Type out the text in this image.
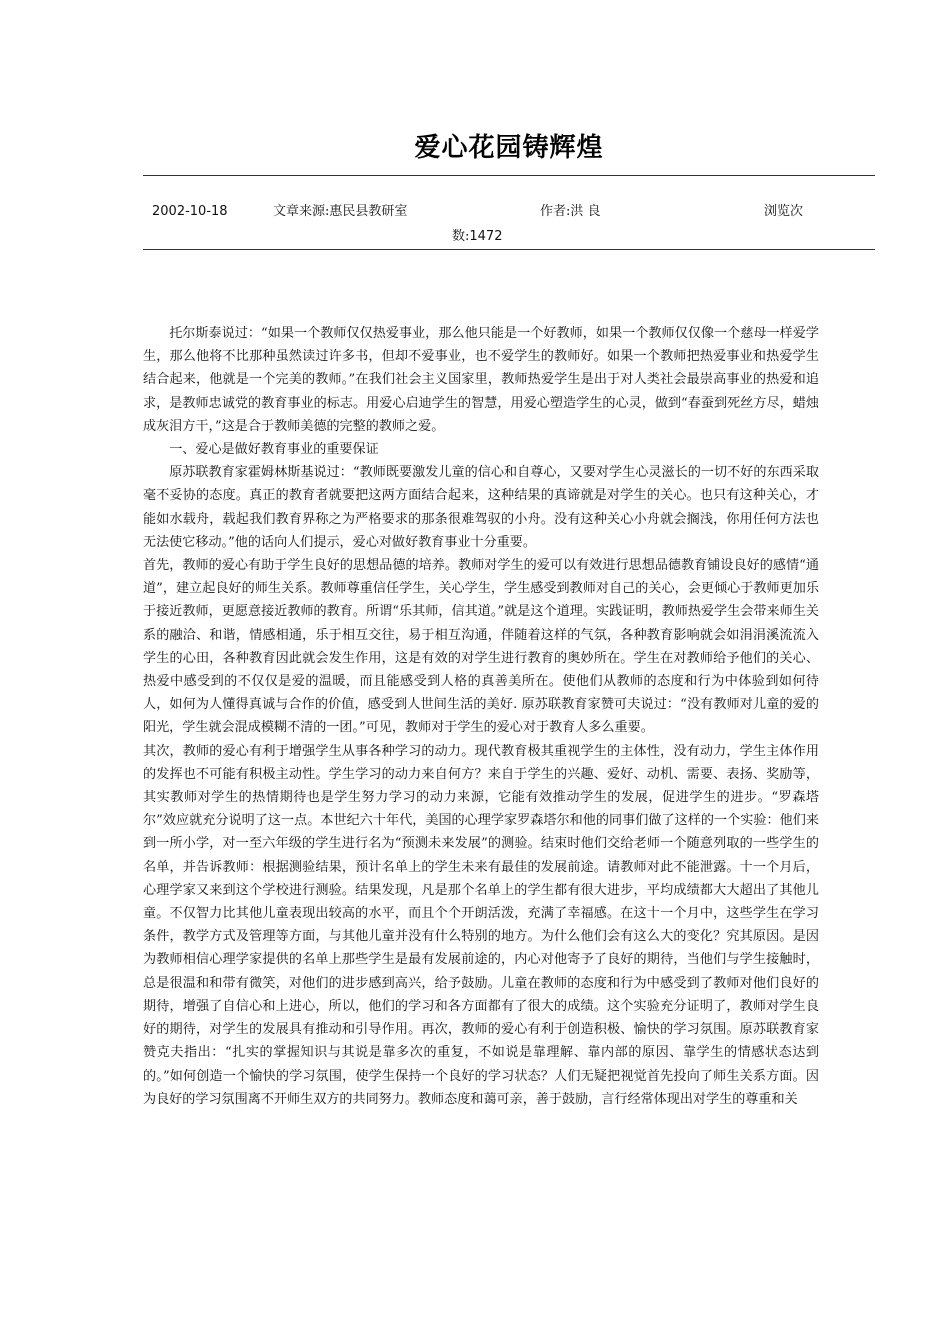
爱心花园铸辉煌
2002-10-18	文章来源:惠民县教研室	作者:洪 良	浏览次
数:1472

托尔斯泰说过：“如果一个教师仅仅热爱事业，那么他只能是一个好教师，如果一个教师仅仅像一个慈母一样爱学生，那么他将不比那种虽然读过许多书，但却不爱事业，也不爱学生的教师好。如果一个教师把热爱事业和热爱学生结合起来，他就是一个完美的教师。”在我们社会主义国家里，教师热爱学生是出于对人类社会最崇高事业的热爱和追求，是教师忠诚党的教育事业的标志。用爱心启迪学生的智慧，用爱心塑造学生的心灵，做到“春蚕到死丝方尽，蜡烛成灰泪方干，”这是合于教师美德的完整的教师之爱。

一、爱心是做好教育事业的重要保证

原苏联教育家霍姆林斯基说过：“教师既要激发儿童的信心和自尊心，又要对学生心灵滋长的一切不好的东西采取毫不妥协的态度。真正的教育者就要把这两方面结合起来，这种结果的真谛就是对学生的关心。也只有这种关心，才能如水载舟，载起我们教育界称之为严格要求的那条很难驾驭的小舟。没有这种关心小舟就会搁浅，你用任何方法也无法使它移动。”他的话向人们提示，爱心对做好教育事业十分重要。

首先，教师的爱心有助于学生良好的思想品德的培养。教师对学生的爱可以有效进行思想品德教育铺设良好的感情“通道”，建立起良好的师生关系。教师尊重信任学生，关心学生，学生感受到教师对自己的关心，会更倾心于教师更加乐于接近教师，更愿意接近教师的教育。所谓“乐其师，信其道。”就是这个道理。实践证明，教师热爱学生会带来师生关系的融洽、和谐，情感相通，乐于相互交往，易于相互沟通，伴随着这样的气氛，各种教育影响就会如涓涓溪流流入学生的心田，各种教育因此就会发生作用，这是有效的对学生进行教育的奥妙所在。学生在对教师给予他们的关心、热爱中感受到的不仅仅是爱的温暖，而且能感受到人格的真善美所在。使他们从教师的态度和行为中体验到如何待人，如何为人懂得真诚与合作的价值，感受到人世间生活的美好. 原苏联教育家赞可夫说过：“没有教师对儿童的爱的阳光，学生就会混成模糊不清的一团。”可见，教师对于学生的爱心对于教育人多么重要。

其次，教师的爱心有利于增强学生从事各种学习的动力。现代教育极其重视学生的主体性，没有动力，学生主体作用的发挥也不可能有积极主动性。学生学习的动力来自何方？来自于学生的兴趣、爱好、动机、需要、表扬、奖励等，其实教师对学生的热情期待也是学生努力学习的动力来源，它能有效推动学生的发展，促进学生的进步。“罗森塔尔”效应就充分说明了这一点。本世纪六十年代，美国的心理学家罗森塔尔和他的同事们做了这样的一个实验：他们来到一所小学，对一至六年级的学生进行名为“预测未来发展”的测验。结束时他们交给老师一个随意列取的一些学生的名单，并告诉教师：根据测验结果，预计名单上的学生未来有最佳的发展前途。请教师对此不能泄露。十一个月后，心理学家又来到这个学校进行测验。结果发现，凡是那个名单上的学生都有很大进步，平均成绩都大大超出了其他儿童。不仅智力比其他儿童表现出较高的水平，而且个个开朗活泼，充满了幸福感。在这十一个月中，这些学生在学习条件，教学方式及管理等方面，与其他儿童并没有什么特别的地方。为什么他们会有这么大的变化？究其原因。是因为教师相信心理学家提供的名单上那些学生是最有发展前途的，内心对他寄予了良好的期待，当他们与学生接触时，总是很温和和带有微笑，对他们的进步感到高兴，给予鼓励。儿童在教师的态度和行为中感受到了教师对他们良好的期待，增强了自信心和上进心，所以，他们的学习和各方面都有了很大的成绩。这个实验充分证明了，教师对学生良好的期待，对学生的发展具有推动和引导作用。再次，教师的爱心有利于创造积极、愉快的学习氛围。原苏联教育家赞克夫指出：“扎实的掌握知识与其说是靠多次的重复，不如说是靠理解、靠内部的原因、靠学生的情感状态达到的。”如何创造一个愉快的学习氛围，使学生保持一个良好的学习状态？人们无疑把视觉首先投向了师生关系方面。因为良好的学习氛围离不开师生双方的共同努力。教师态度和蔼可亲，善于鼓励，言行经常体现出对学生的尊重和关
